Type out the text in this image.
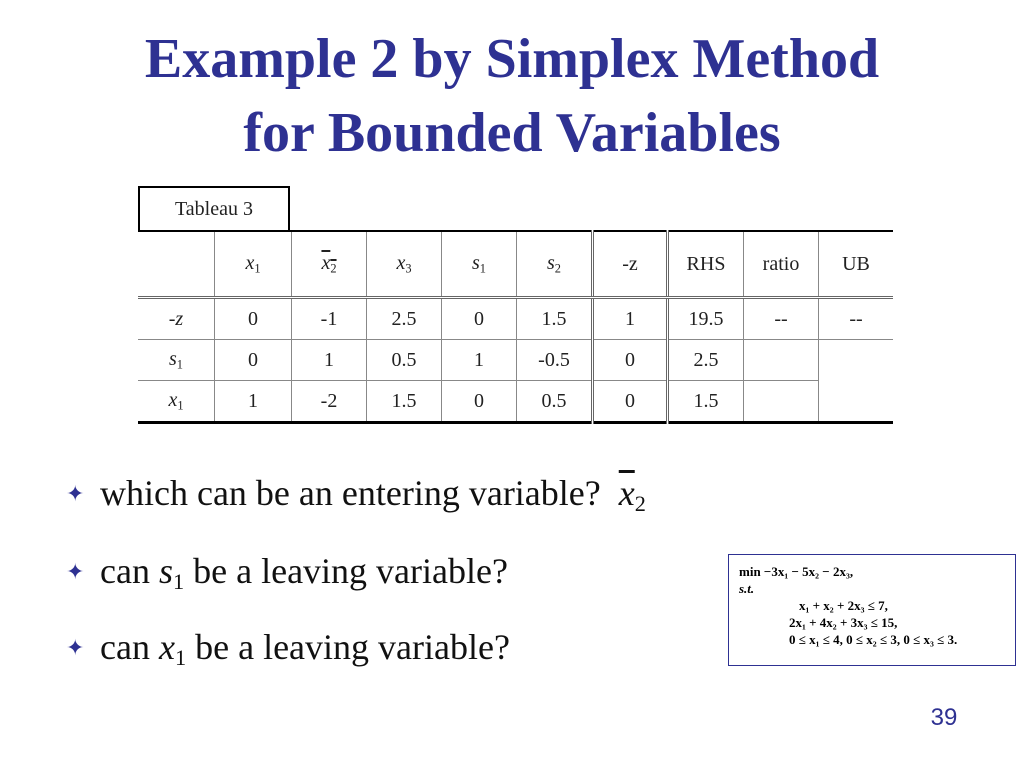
Example 2 by Simplex Method
for Bounded Variables
Tableau 3
	$x_1$	$x_2$	$x_3$	$s_1$	$s_2$	-z	RHS	ratio	UB
-z	0	-1	2.5	0	1.5	1	19.5	--	--
$s_1$	0	1	0.5	1	-0.5	0	2.5		
$x_1$	1	-2	1.5	0	0.5	0	1.5		
✦ which can be an entering variable? $\overline{x}_2$
✦ can $s_1$ be a leaving variable?
✦ can $x_1$ be a leaving variable?
min −3x₁ − 5x₂ − 2x₃,
s.t.
x₁ + x₂ + 2x₃ ≤ 7,
2x₁ + 4x₂ + 3x₃ ≤ 15,
0 ≤ x₁ ≤ 4, 0 ≤ x₂ ≤ 3, 0 ≤ x₃ ≤ 3.
39
